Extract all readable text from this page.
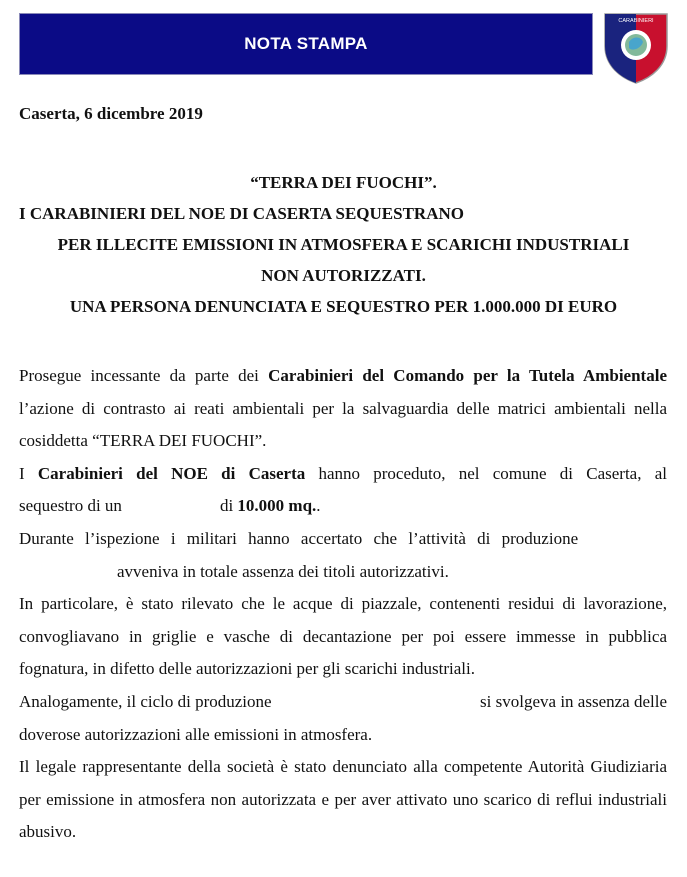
NOTA STAMPA
CARABINIERI
Caserta, 6 dicembre 2019
“TERRA DEI FUOCHI”.
I CARABINIERI DEL NOE DI CASERTA SEQUESTRANO
PER ILLECITE EMISSIONI IN ATMOSFERA E SCARICHI INDUSTRIALI
NON AUTORIZZATI.
UNA PERSONA DENUNCIATA E SEQUESTRO PER 1.000.000 DI EURO

Prosegue incessante da parte dei Carabinieri del Comando per la Tutela Ambientale l’azione di contrasto ai reati ambientali per la salvaguardia delle matrici ambientali nella cosiddetta “TERRA DEI FUOCHI”.

I Carabinieri del NOE di Caserta hanno proceduto, nel comune di Caserta, al
sequestro di un	di 10.000 mq..

Durante l’ispezione i militari hanno accertato che l’attività di produzione
avveniva in totale assenza dei titoli autorizzativi.

In particolare, è stato rilevato che le acque di piazzale, contenenti residui di lavorazione, convogliavano in griglie e vasche di decantazione per poi essere immesse in pubblica fognatura, in difetto delle autorizzazioni per gli scarichi industriali.

Analogamente, il ciclo di produzione	si svolgeva in assenza delle
doverose autorizzazioni alle emissioni in atmosfera.

Il legale rappresentante della società è stato denunciato alla competente Autorità Giudiziaria per emissione in atmosfera non autorizzata e per aver attivato uno scarico di reflui industriali abusivo.
